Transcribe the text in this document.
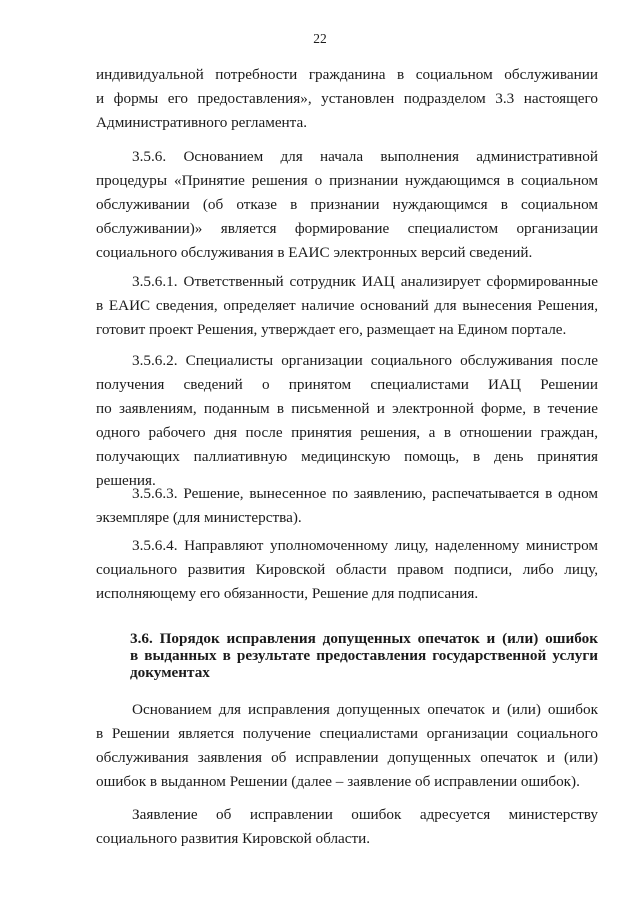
22
индивидуальной потребности гражданина в социальном обслуживании
и формы его предоставления», установлен подразделом 3.3 настоящего
Административного регламента.
3.5.6. Основанием для начала выполнения административной
процедуры «Принятие решения о признании нуждающимся в социальном
обслуживании (об отказе в признании нуждающимся в социальном
обслуживании)» является формирование специалистом организации
социального обслуживания в ЕАИС электронных версий сведений.
3.5.6.1. Ответственный сотрудник ИАЦ анализирует сформированные
в ЕАИС сведения, определяет наличие оснований для вынесения Решения,
готовит проект Решения, утверждает его, размещает на Едином портале.
3.5.6.2. Специалисты организации социального обслуживания после
получения сведений о принятом специалистами ИАЦ Решении
по заявлениям, поданным в письменной и электронной форме, в течение
одного рабочего дня после принятия решения, а в отношении граждан,
получающих паллиативную медицинскую помощь, в день принятия решения.
3.5.6.3. Решение, вынесенное по заявлению, распечатывается в одном
экземпляре (для министерства).
3.5.6.4. Направляют уполномоченному лицу, наделенному министром
социального развития Кировской области правом подписи, либо лицу,
исполняющему его обязанности, Решение для подписания.
3.6. Порядок исправления допущенных опечаток и (или) ошибок
в выданных в результате предоставления государственной услуги
документах
Основанием для исправления допущенных опечаток и (или) ошибок
в Решении является получение специалистами организации социального
обслуживания заявления об исправлении допущенных опечаток и (или)
ошибок в выданном Решении (далее – заявление об исправлении ошибок).
Заявление об исправлении ошибок адресуется министерству
социального развития Кировской области.
